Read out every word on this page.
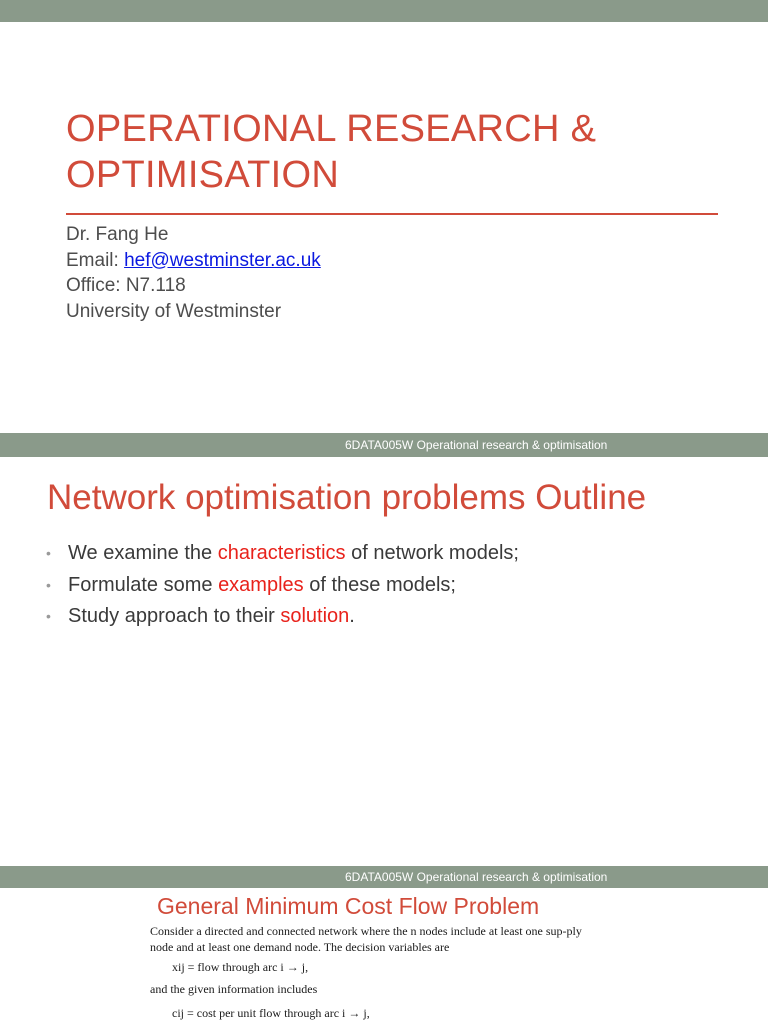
OPERATIONAL RESEARCH & OPTIMISATION
Dr. Fang He
Email: hef@westminster.ac.uk
Office: N7.118
University of Westminster
6DATA005W Operational research & optimisation
Network optimisation problems Outline
• We examine the characteristics of network models;
• Formulate some examples of these models;
• Study approach to their solution.
6DATA005W Operational research & optimisation
General Minimum Cost Flow Problem

Consider a directed and connected network where the n nodes include at least one sup-ply node and at least one demand node. The decision variables are

xij = flow through arc i → j,

and the given information includes

cij = cost per unit flow through arc i → j,
